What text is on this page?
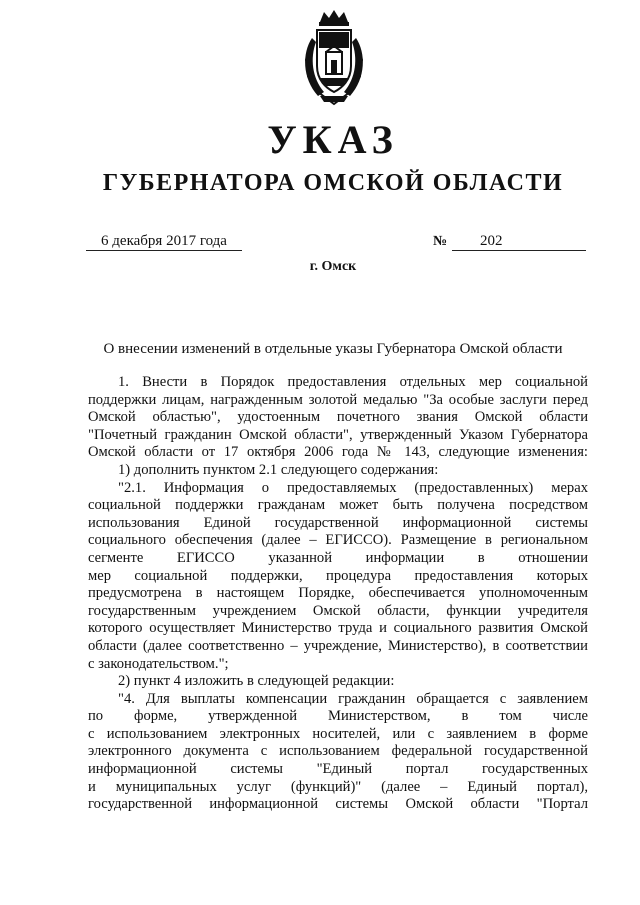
УКАЗ
ГУБЕРНАТОРА ОМСКОЙ ОБЛАСТИ
6 декабря 2017 года	№	202
г. Омск
О внесении изменений в отдельные указы Губернатора Омской области
1. Внести в Порядок предоставления отдельных мер социальной
поддержки лицам, награжденным золотой медалью "За особые заслуги перед
Омской областью", удостоенным почетного звания Омской области
"Почетный гражданин Омской области", утвержденный Указом Губернатора
Омской области от 17 октября 2006 года № 143, следующие изменения:
1) дополнить пунктом 2.1 следующего содержания:
"2.1. Информация о предоставляемых (предоставленных) мерах
социальной поддержки гражданам может быть получена посредством
использования Единой государственной информационной системы
социального обеспечения (далее – ЕГИССО). Размещение в региональном
сегменте ЕГИССО указанной информации в отношении
мер социальной поддержки, процедура предоставления которых
предусмотрена в настоящем Порядке, обеспечивается уполномоченным
государственным учреждением Омской области, функции учредителя
которого осуществляет Министерство труда и социального развития Омской
области (далее соответственно – учреждение, Министерство), в соответствии
с законодательством.";
2) пункт 4 изложить в следующей редакции:
"4. Для выплаты компенсации гражданин обращается с заявлением
по форме, утвержденной Министерством, в том числе
с использованием электронных носителей, или с заявлением в форме
электронного документа с использованием федеральной государственной
информационной системы "Единый портал государственных
и муниципальных услуг (функций)" (далее – Единый портал),
государственной информационной системы Омской области "Портал
